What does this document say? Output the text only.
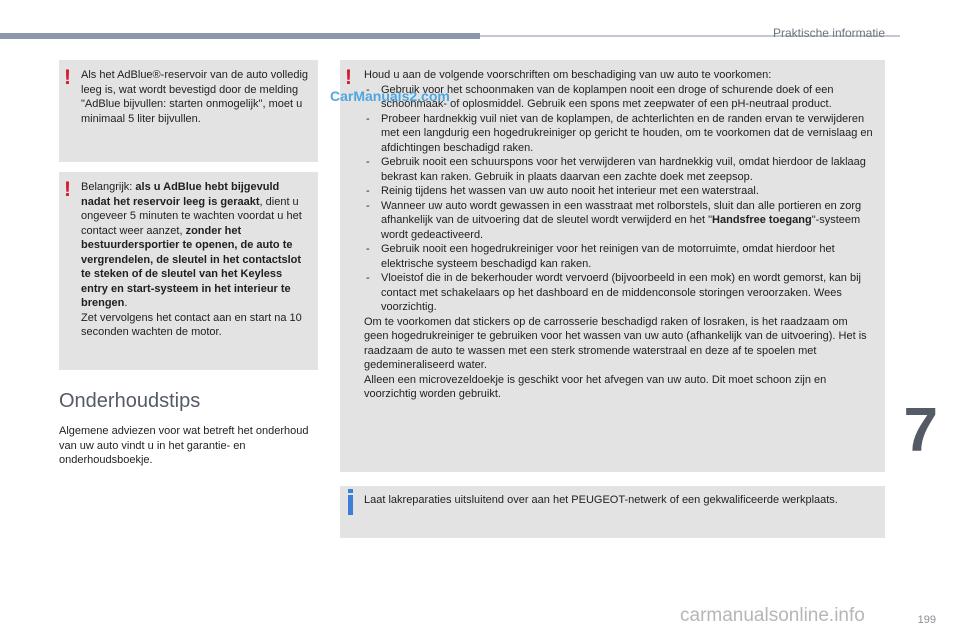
Praktische informatie
7
199
! Als het AdBlue®-reservoir van de auto volledig leeg is, wat wordt bevestigd door de melding "AdBlue bijvullen: starten onmogelijk", moet u minimaal 5 liter bijvullen.

! Belangrijk: als u AdBlue hebt bijgevuld nadat het reservoir leeg is geraakt, dient u ongeveer 5 minuten te wachten voordat u het contact weer aanzet, zonder het bestuurdersportier te openen, de auto te vergrendelen, de sleutel in het contactslot te steken of de sleutel van het Keyless entry en start-systeem in het interieur te brengen.

Zet vervolgens het contact aan en start na 10 seconden wachten de motor.

Onderhoudstips

Algemene adviezen voor wat betreft het onderhoud van uw auto vindt u in het garantie- en onderhoudsboekje.

! Houd u aan de volgende voorschriften om beschadiging van uw auto te voorkomen:

- Gebruik voor het schoonmaken van de koplampen nooit een droge of schurende doek of een schoonmaak- of oplosmiddel. Gebruik een spons met zeepwater of een pH-neutraal product.
- Probeer hardnekkig vuil niet van de koplampen, de achterlichten en de randen ervan te verwijderen met een langdurig een hogedrukreiniger op gericht te houden, om te voorkomen dat de vernislaag en afdichtingen beschadigd raken.
- Gebruik nooit een schuurspons voor het verwijderen van hardnekkig vuil, omdat hierdoor de laklaag bekrast kan raken. Gebruik in plaats daarvan een zachte doek met zeepsop.
- Reinig tijdens het wassen van uw auto nooit het interieur met een waterstraal.
- Wanneer uw auto wordt gewassen in een wasstraat met rolborstels, sluit dan alle portieren en zorg afhankelijk van de uitvoering dat de sleutel wordt verwijderd en het "Handsfree toegang"-systeem wordt gedeactiveerd.
- Gebruik nooit een hogedrukreiniger voor het reinigen van de motorruimte, omdat hierdoor het elektrische systeem beschadigd kan raken.
- Vloeistof die in de bekerhouder wordt vervoerd (bijvoorbeeld in een mok) en wordt gemorst, kan bij contact met schakelaars op het dashboard en de middenconsole storingen veroorzaken. Wees voorzichtig.

Om te voorkomen dat stickers op de carrosserie beschadigd raken of losraken, is het raadzaam om geen hogedrukreiniger te gebruiken voor het wassen van uw auto (afhankelijk van de uitvoering). Het is raadzaam de auto te wassen met een sterk stromende waterstraal en deze af te spoelen met gedemineraliseerd water.

Alleen een microvezeldoekje is geschikt voor het afvegen van uw auto. Dit moet schoon zijn en voorzichtig worden gebruikt.

Laat lakreparaties uitsluitend over aan het PEUGEOT-netwerk of een gekwalificeerde werkplaats.

CarManuals2.com
carmanualsonline.info
